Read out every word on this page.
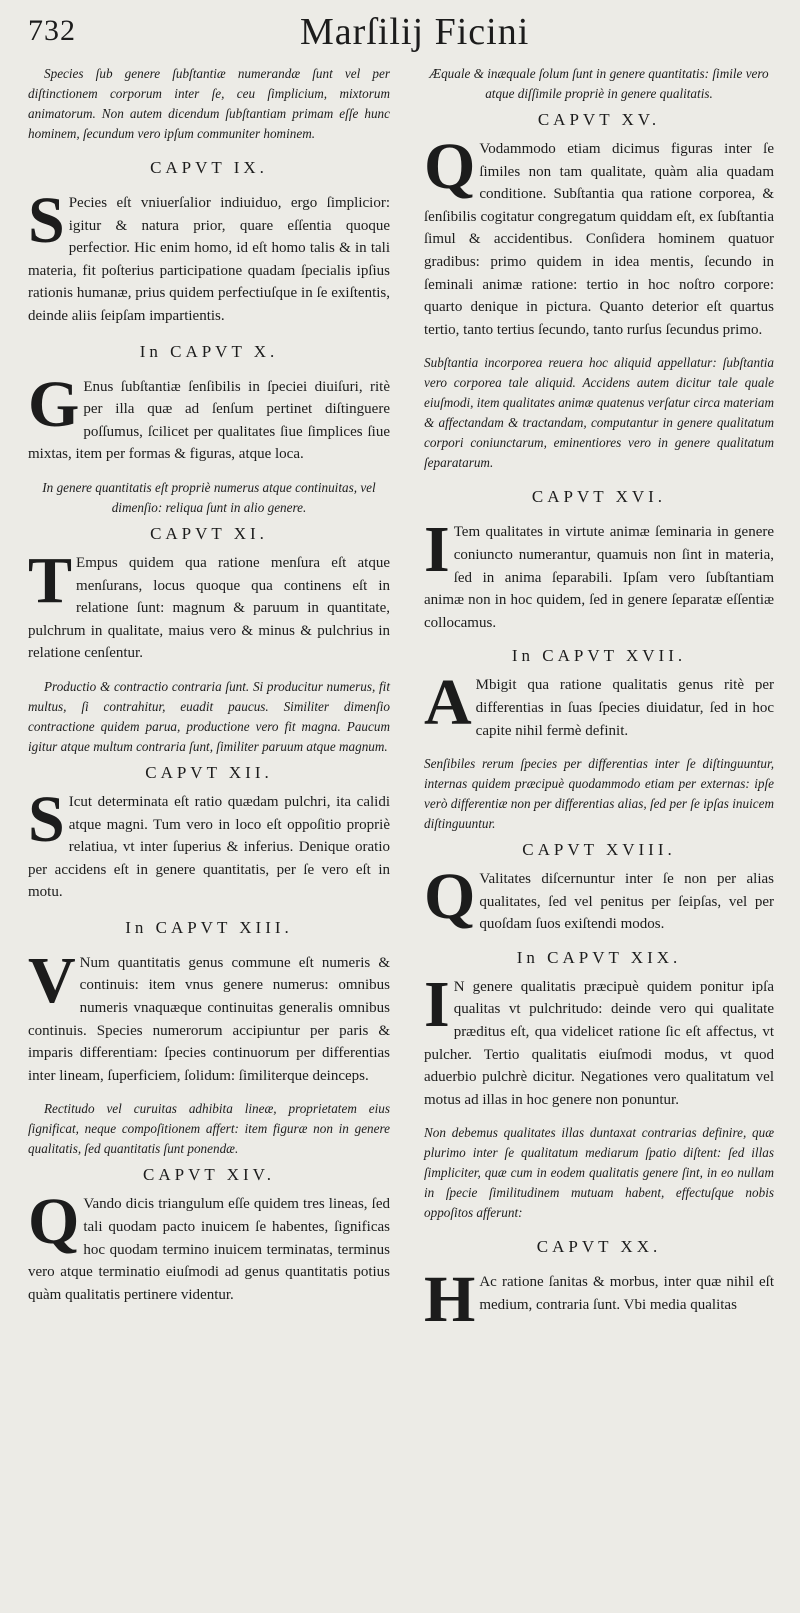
732	Marſilij Ficini

Species ſub genere ſubſtantiæ numerandæ ſunt vel per diſtinctionem corporum inter ſe, ceu ſimplicium, mixtorum animatorum. Non autem dicendum ſubſtantiam primam eſſe hunc hominem, ſecundum vero ipſum communiter hominem.

CAPVT IX.

S Pecies eſt vniuerſalior indiuiduo, ergo ſimplicior: igitur & natura prior, quare eſſentia quoque perfectior. Hic enim homo, id eſt homo talis & in tali materia, fit poſterius participatione quadam ſpecialis ipſius rationis humanæ, prius quidem perfectiuſque in ſe exiſtentis, deinde aliis ſeipſam impartientis.

In CAPVT X.

G Enus ſubſtantiæ ſenſibilis in ſpeciei diuiſuri, ritè per illa quæ ad ſenſum pertinet diſtinguere poſſumus, ſcilicet per qualitates ſiue ſimplices ſiue mixtas, item per formas & figuras, atque loca.

In genere quantitatis eſt propriè numerus atque continuitas, vel dimenſio: reliqua ſunt in alio genere.

CAPVT XI.

T Empus quidem qua ratione menſura eſt atque menſurans, locus quoque qua continens eſt in relatione ſunt: magnum & paruum in quantitate, pulchrum in qualitate, maius vero & minus & pulchrius in relatione cenſentur.

Productio & contractio contraria ſunt. Si producitur numerus, fit multus, ſi contrahitur, euadit paucus. Similiter dimenſio contractione quidem parua, productione vero fit magna. Paucum igitur atque multum contraria ſunt, ſimiliter paruum atque magnum.

CAPVT XII.

S Icut determinata eſt ratio quædam pulchri, ita calidi atque magni. Tum vero in loco eſt oppoſitio propriè relatiua, vt inter ſuperius & inferius. Denique oratio per accidens eſt in genere quantitatis, per ſe vero eſt in motu.

In CAPVT XIII.

V Num quantitatis genus commune eſt numeris & continuis: item vnus genere numerus: omnibus numeris vnaquæque continuitas generalis omnibus continuis. Species numerorum accipiuntur per paris & imparis differentiam: ſpecies continuorum per differentias inter lineam, ſuperficiem, ſolidum: ſimiliterque deinceps.

Rectitudo vel curuitas adhibita lineæ, proprietatem eius ſignificat, neque compoſitionem affert: item figuræ non in genere qualitatis, ſed quantitatis ſunt ponendæ.

CAPVT XIV.

Q Vando dicis triangulum eſſe quidem tres lineas, ſed tali quodam pacto inuicem ſe habentes, ſignificas hoc quodam termino inuicem terminatas, terminus vero atque terminatio eiuſmodi ad genus quantitatis potius quàm qualitatis pertinere videntur.

Æquale & inæquale ſolum ſunt in genere quantitatis: ſimile vero atque diſſimile propriè in genere qualitatis.

CAPVT XV.

Q Vodammodo etiam dicimus figuras inter ſe ſimiles non tam qualitate, quàm alia quadam conditione. Subſtantia qua ratione corporea, & ſenſibilis cogitatur congregatum quiddam eſt, ex ſubſtantia ſimul & accidentibus. Conſidera hominem quatuor gradibus: primo quidem in idea mentis, ſecundo in ſeminali animæ ratione: tertio in hoc noſtro corpore: quarto denique in pictura. Quanto deterior eſt quartus tertio, tanto tertius ſecundo, tanto rurſus ſecundus primo.

Subſtantia incorporea reuera hoc aliquid appellatur: ſubſtantia vero corporea tale aliquid. Accidens autem dicitur tale quale eiuſmodi, item qualitates animæ quatenus verſatur circa materiam & affectandam & tractandam, computantur in genere qualitatum corpori coniunctarum, eminentiores vero in genere qualitatum ſeparatarum.

CAPVT XVI.

I Tem qualitates in virtute animæ ſeminaria in genere coniuncto numerantur, quamuis non ſint in materia, ſed in anima ſeparabili. Ipſam vero ſubſtantiam animæ non in hoc quidem, ſed in genere ſeparatæ eſſentiæ collocamus.

In CAPVT XVII.

A Mbigit qua ratione qualitatis genus ritè per differentias in ſuas ſpecies diuidatur, ſed in hoc capite nihil fermè definit.

Senſibiles rerum ſpecies per differentias inter ſe diſtinguuntur, internas quidem præcipuè quodammodo etiam per externas: ipſe verò differentiæ non per differentias alias, ſed per ſe ipſas inuicem diſtinguuntur.

CAPVT XVIII.

Q Valitates diſcernuntur inter ſe non per alias qualitates, ſed vel penitus per ſeipſas, vel per quoſdam ſuos exiſtendi modos.

In CAPVT XIX.

I N genere qualitatis præcipuè quidem ponitur ipſa qualitas vt pulchritudo: deinde vero qui qualitate præditus eſt, qua videlicet ratione ſic eſt affectus, vt pulcher. Tertio qualitatis eiuſmodi modus, vt quod aduerbio pulchrè dicitur. Negationes vero qualitatum vel motus ad illas in hoc genere non ponuntur.

Non debemus qualitates illas duntaxat contrarias definire, quæ plurimo inter ſe qualitatum mediarum ſpatio diſtent: ſed illas ſimpliciter, quæ cum in eodem qualitatis genere ſint, in eo nullam in ſpecie ſimilitudinem mutuam habent, effectuſque nobis oppoſitos afferunt:

CAPVT XX.

H Ac ratione ſanitas & morbus, inter quæ nihil eſt medium, contraria ſunt. Vbi media qualitas
